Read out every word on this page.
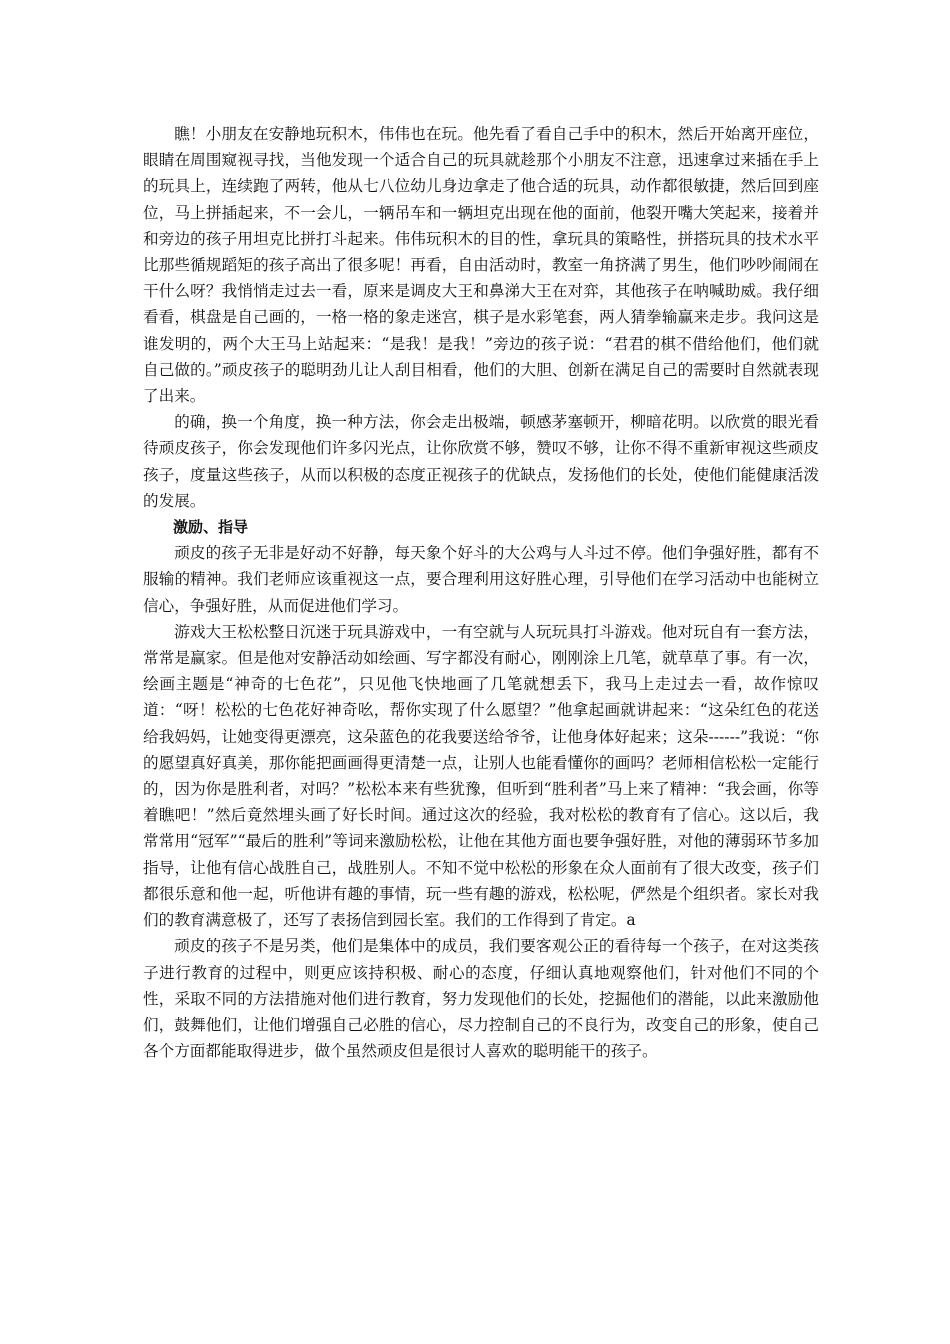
瞧！小朋友在安静地玩积木，伟伟也在玩。他先看了看自己手中的积木，然后开始离开座位，眼睛在周围窥视寻找，当他发现一个适合自己的玩具就趁那个小朋友不注意，迅速拿过来插在手上的玩具上，连续跑了两转，他从七八位幼儿身边拿走了他合适的玩具，动作都很敏捷，然后回到座位，马上拼插起来，不一会儿，一辆吊车和一辆坦克出现在他的面前，他裂开嘴大笑起来，接着并和旁边的孩子用坦克比拼打斗起来。伟伟玩积木的目的性，拿玩具的策略性，拼搭玩具的技术水平比那些循规蹈矩的孩子高出了很多呢！再看，自由活动时，教室一角挤满了男生，他们吵吵闹闹在干什么呀？我悄悄走过去一看，原来是调皮大王和鼻涕大王在对弈，其他孩子在呐喊助威。我仔细看看，棋盘是自己画的，一格一格的象走迷宫，棋子是水彩笔套，两人猜拳输赢来走步。我问这是谁发明的，两个大王马上站起来：“是我！是我！”旁边的孩子说：“君君的棋不借给他们，他们就自己做的。”顽皮孩子的聪明劲儿让人刮目相看，他们的大胆、创新在满足自己的需要时自然就表现了出来。

的确，换一个角度，换一种方法，你会走出极端，顿感茅塞顿开，柳暗花明。以欣赏的眼光看待顽皮孩子，你会发现他们许多闪光点，让你欣赏不够，赞叹不够，让你不得不重新审视这些顽皮孩子，度量这些孩子，从而以积极的态度正视孩子的优缺点，发扬他们的长处，使他们能健康活泼的发展。

激励、指导

顽皮的孩子无非是好动不好静，每天象个好斗的大公鸡与人斗过不停。他们争强好胜，都有不服输的精神。我们老师应该重视这一点，要合理利用这好胜心理，引导他们在学习活动中也能树立信心，争强好胜，从而促进他们学习。

游戏大王松松整日沉迷于玩具游戏中，一有空就与人玩玩具打斗游戏。他对玩自有一套方法，常常是赢家。但是他对安静活动如绘画、写字都没有耐心，刚刚涂上几笔，就草草了事。有一次，绘画主题是“神奇的七色花”，只见他飞快地画了几笔就想丢下，我马上走过去一看，故作惊叹道：“呀！松松的七色花好神奇吆，帮你实现了什么愿望？”他拿起画就讲起来：“这朵红色的花送给我妈妈，让她变得更漂亮，这朵蓝色的花我要送给爷爷，让他身体好起来；这朵------”我说：“你的愿望真好真美，那你能把画画得更清楚一点，让别人也能看懂你的画吗？老师相信松松一定能行的，因为你是胜利者，对吗？”松松本来有些犹豫，但听到“胜利者”马上来了精神：“我会画，你等着瞧吧！”然后竟然埋头画了好长时间。通过这次的经验，我对松松的教育有了信心。这以后，我常常用“冠军”“最后的胜利”等词来激励松松，让他在其他方面也要争强好胜，对他的薄弱环节多加指导，让他有信心战胜自己，战胜别人。不知不觉中松松的形象在众人面前有了很大改变，孩子们都很乐意和他一起，听他讲有趣的事情，玩一些有趣的游戏，松松呢，俨然是个组织者。家长对我们的教育满意极了，还写了表扬信到园长室。我们的工作得到了肯定。a

顽皮的孩子不是另类，他们是集体中的成员，我们要客观公正的看待每一个孩子，在对这类孩子进行教育的过程中，则更应该持积极、耐心的态度，仔细认真地观察他们，针对他们不同的个性，采取不同的方法措施对他们进行教育，努力发现他们的长处，挖掘他们的潜能，以此来激励他们，鼓舞他们，让他们增强自己必胜的信心，尽力控制自己的不良行为，改变自己的形象，使自己各个方面都能取得进步，做个虽然顽皮但是很讨人喜欢的聪明能干的孩子。
